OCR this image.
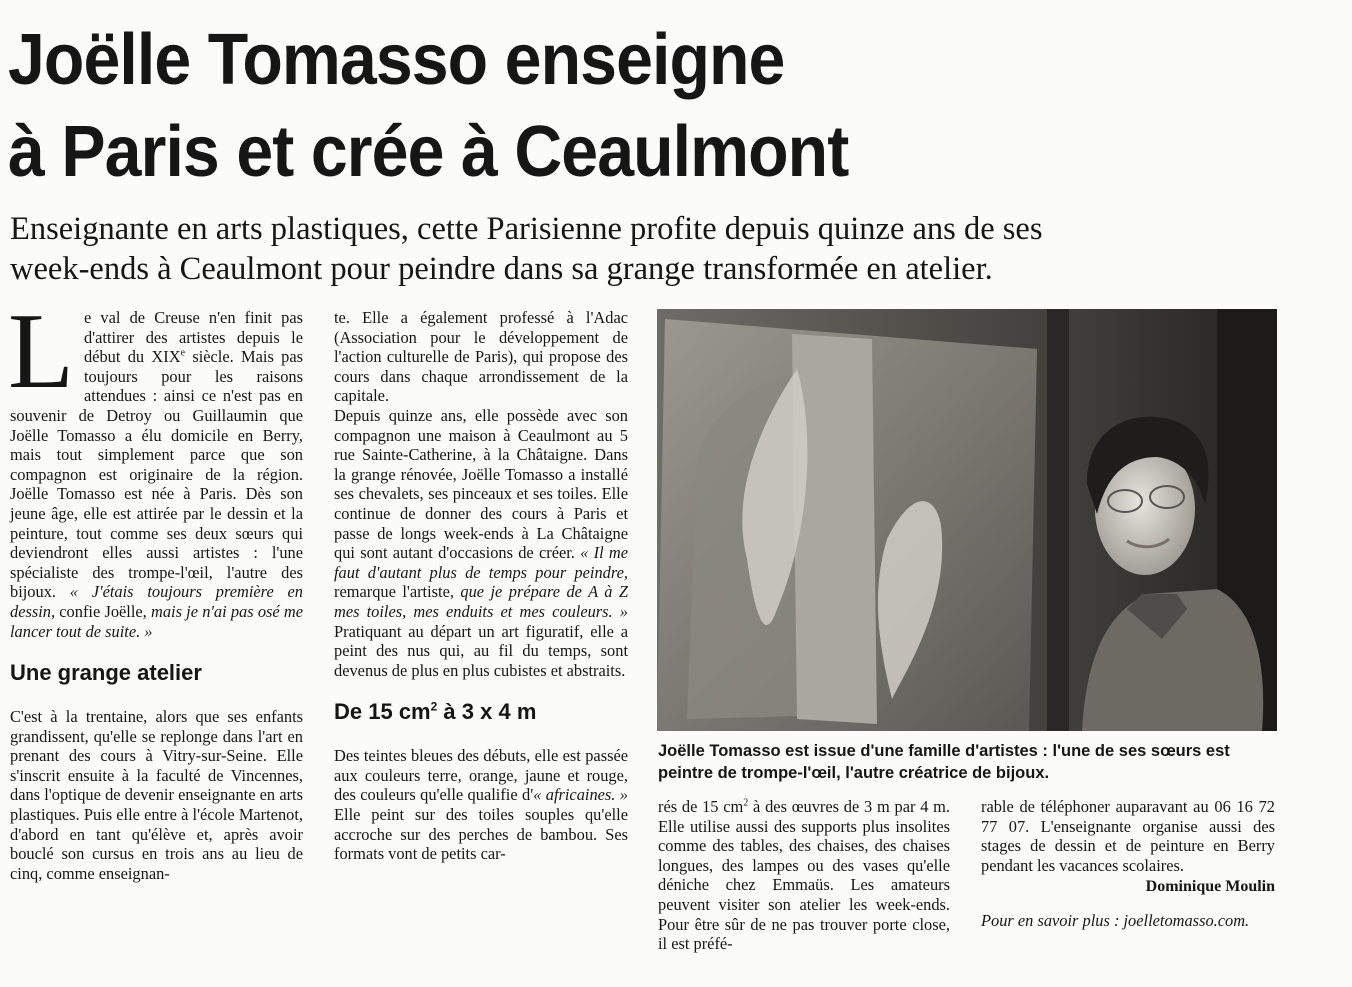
Joëlle Tomasso enseigne
à Paris et crée à Ceaulmont

Enseignante en arts plastiques, cette Parisienne profite depuis quinze ans de ses
week-ends à Ceaulmont pour peindre dans sa grange transformée en atelier.

Le val de Creuse n'en finit pas d'attirer des artistes depuis le début du XIXe siècle. Mais pas toujours pour les raisons attendues : ainsi ce n'est pas en souvenir de Detroy ou Guillaumin que Joëlle Tomasso a élu domicile en Berry, mais tout simplement parce que son compagnon est originaire de la région. Joëlle Tomasso est née à Paris. Dès son jeune âge, elle est attirée par le dessin et la peinture, tout comme ses deux sœurs qui deviendront elles aussi artistes : l'une spécialiste des trompe-l'œil, l'autre des bijoux. « J'étais toujours première en dessin, confie Joëlle, mais je n'ai pas osé me lancer tout de suite. »

Une grange atelier

C'est à la trentaine, alors que ses enfants grandissent, qu'elle se replonge dans l'art en prenant des cours à Vitry-sur-Seine. Elle s'inscrit ensuite à la faculté de Vincennes, dans l'optique de devenir enseignante en arts plastiques. Puis elle entre à l'école Martenot, d'abord en tant qu'élève et, après avoir bouclé son cursus en trois ans au lieu de cinq, comme enseignan-

te. Elle a également professé à l'Adac (Association pour le développement de l'action culturelle de Paris), qui propose des cours dans chaque arrondissement de la capitale.

Depuis quinze ans, elle possède avec son compagnon une maison à Ceaulmont au 5 rue Sainte-Catherine, à la Châtaigne. Dans la grange rénovée, Joëlle Tomasso a installé ses chevalets, ses pinceaux et ses toiles. Elle continue de donner des cours à Paris et passe de longs week-ends à La Châtaigne qui sont autant d'occasions de créer. « Il me faut d'autant plus de temps pour peindre, remarque l'artiste, que je prépare de A à Z mes toiles, mes enduits et mes couleurs. » Pratiquant au départ un art figuratif, elle a peint des nus qui, au fil du temps, sont devenus de plus en plus cubistes et abstraits.

De 15 $cm^2$ à 3 x 4 m

Des teintes bleues des débuts, elle est passée aux couleurs terre, orange, jaune et rouge, des couleurs qu'elle qualifie d'« africaines. » Elle peint sur des toiles souples qu'elle accroche sur des perches de bambou. Ses formats vont de petits car-

Joëlle Tomasso est issue d'une famille d'artistes : l'une de ses sœurs est peintre de trompe-l'œil, l'autre créatrice de bijoux.

rés de 15 $cm^2$ à des œuvres de 3 m par 4 m. Elle utilise aussi des supports plus insolites comme des tables, des chaises, des chaises longues, des lampes ou des vases qu'elle déniche chez Emmaüs. Les amateurs peuvent visiter son atelier les week-ends. Pour être sûr de ne pas trouver porte close, il est préfé-

rable de téléphoner auparavant au 06 16 72 77 07. L'enseignante organise aussi des stages de dessin et de peinture en Berry pendant les vacances scolaires.

Dominique Moulin
Pour en savoir plus : joelletomasso.com.
